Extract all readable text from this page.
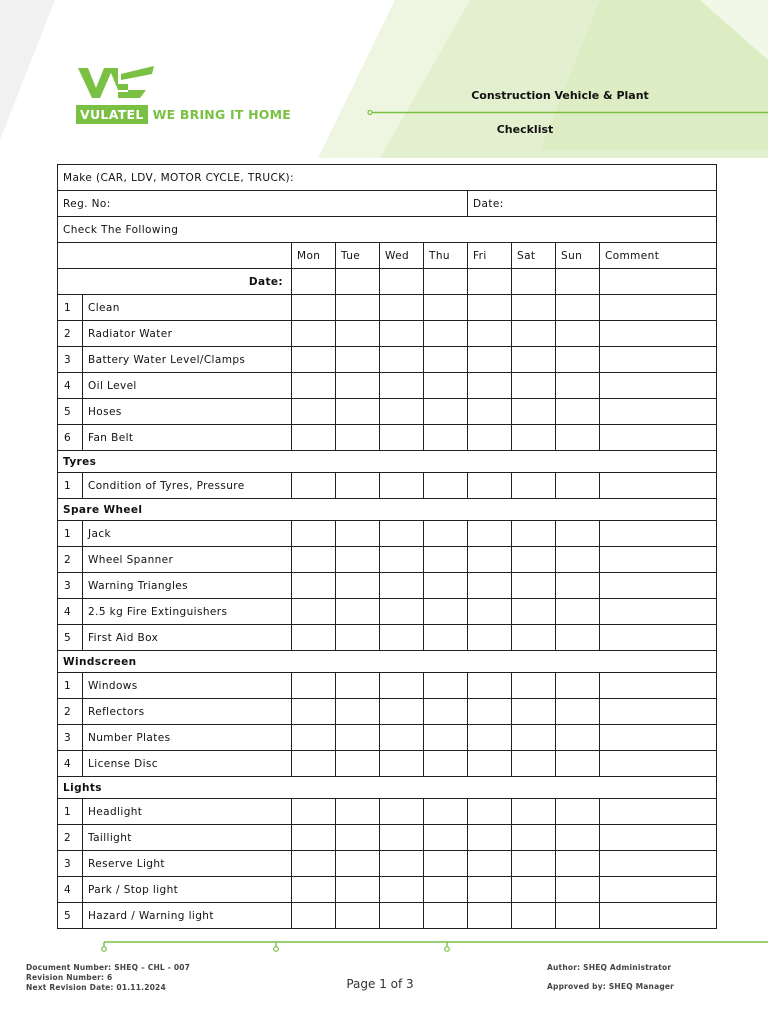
VULATEL WE BRING IT HOME
Construction Vehicle & Plant
Checklist
Make (CAR, LDV, MOTOR CYCLE, TRUCK):									
Reg. No:						Date:			
Check The Following									
		Mon	Tue	Wed	Thu	Fri	Sat	Sun	Comment
Date:									
1	Clean								
2	Radiator Water								
3	Battery Water Level/Clamps								
4	Oil Level								
5	Hoses								
6	Fan Belt								
Tyres									
1	Condition of Tyres, Pressure								
Spare Wheel									
1	Jack								
2	Wheel Spanner								
3	Warning Triangles								
4	2.5 kg Fire Extinguishers								
5	First Aid Box								
Windscreen									
1	Windows								
2	Reflectors								
3	Number Plates								
4	License Disc								
Lights									
1	Headlight								
2	Taillight								
3	Reserve Light								
4	Park / Stop light								
5	Hazard / Warning light								
Document Number: SHEQ – CHL - 007
Revision Number: 6
Next Revision Date: 01.11.2024	Page 1 of 3
Author: SHEQ Administrator
Approved by: SHEQ Manager
